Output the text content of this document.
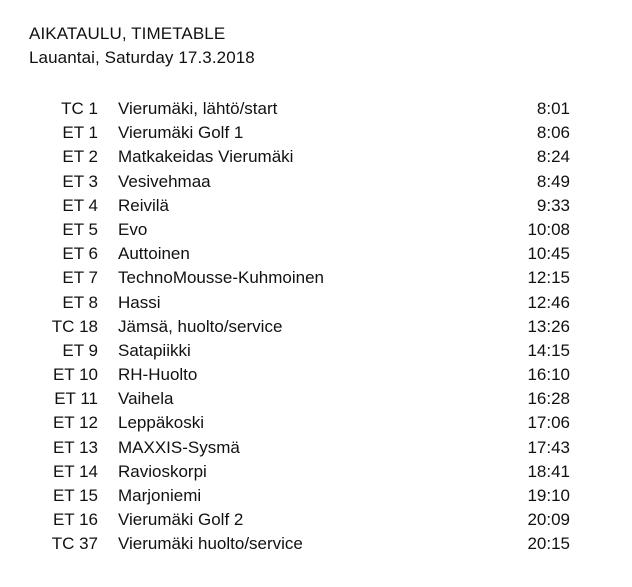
AIKATAULU, TIMETABLE
Lauantai, Saturday 17.3.2018
TC 1 Vierumäki, lähtö/start	8:01
ET 1 Vierumäki Golf 1	8:06
ET 2 Matkakeidas Vierumäki	8:24
ET 3 Vesivehmaa	8:49
ET 4 Reivilä	9:33
ET 5 Evo	10:08
ET 6 Auttoinen	10:45
ET 7 TechnoMousse-Kuhmoinen	12:15
ET 8 Hassi	12:46
TC 18 Jämsä, huolto/service	13:26
ET 9 Satapiikki	14:15
ET 10 RH-Huolto	16:10
ET 11 Vaihela	16:28
ET 12 Leppäkoski	17:06
ET 13 MAXXIS-Sysmä	17:43
ET 14 Ravioskorpi	18:41
ET 15 Marjoniemi	19:10
ET 16 Vierumäki Golf 2	20:09
TC 37 Vierumäki huolto/service	20:15
